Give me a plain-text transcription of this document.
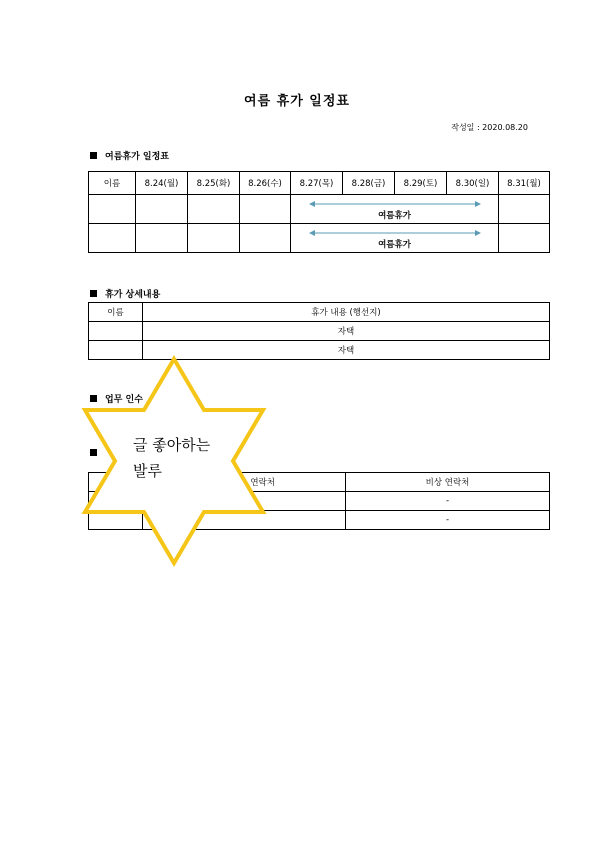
여름 휴가 일정표
작성일 : 2020.08.20
여름휴가 일정표
이름	8.24(월)	8.25(화)	8.26(수)	8.27(목)	8.28(금)	8.29(토)	8.30(일)	8.31(월)

				여름휴가				

				여름휴가				

휴가 상세내용
이름	휴가 내용 (행선지)
	자택
	자택
업무 인수
	연락처	비상 연락처
		-
		-
글 좋아하는
발루
